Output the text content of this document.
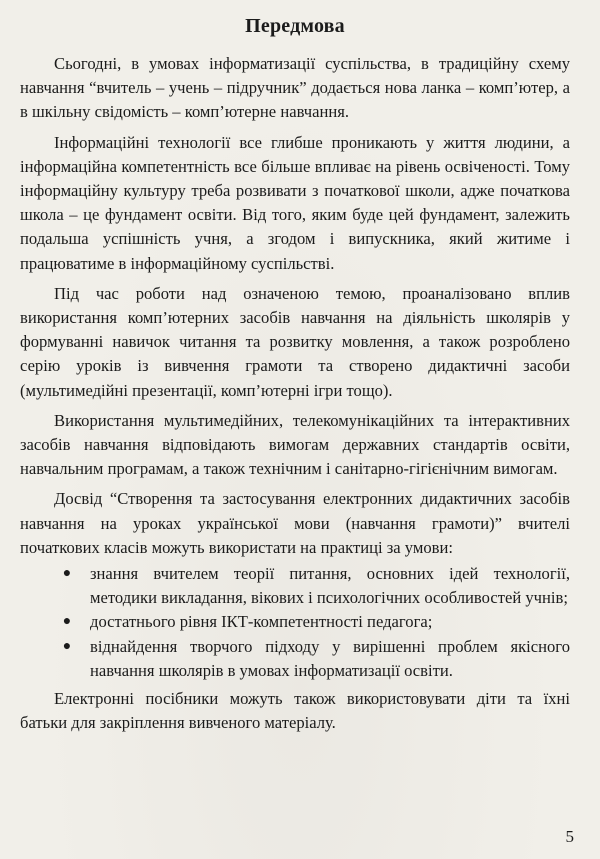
Передмова

Сьогодні, в умовах інформатизації суспільства, в традиційну схему навчання “вчитель – учень – підручник” додається нова ланка – комп’ютер, а в шкільну свідомість – комп’ютерне навчання.

Інформаційні технології все глибше проникають у життя людини, а інформаційна компетентність все більше впливає на рівень освіченості. Тому інформаційну культуру треба розвивати з початкової школи, адже початкова школа – це фундамент освіти. Від того, яким буде цей фундамент, залежить подальша успішність учня, а згодом і випускника, який житиме і працюватиме в інформаційному суспільстві.

Під час роботи над означеною темою, проаналізовано вплив використання комп’ютерних засобів навчання на діяльність школярів у формуванні навичок читання та розвитку мовлення, а також розроблено серію уроків із вивчення грамоти та створено дидактичні засоби (мультимедійні презентації, комп’ютерні ігри тощо).

Використання мультимедійних, телекомунікаційних та інтерактивних засобів навчання відповідають вимогам державних стандартів освіти, навчальним програмам, а також технічним і санітарно-гігієнічним вимогам.

Досвід “Створення та застосування електронних дидактичних засобів навчання на уроках української мови (навчання грамоти)” вчителі початкових класів можуть використати на практиці за умови:

● знання вчителем теорії питання, основних ідей технології, методики викладання, вікових і психологічних особливостей учнів;
● достатнього рівня ІКТ-компетентності педагога;
● віднайдення творчого підходу у вирішенні проблем якісного навчання школярів в умовах інформатизації освіти.

Електронні посібники можуть також використовувати діти та їхні батьки для закріплення вивченого матеріалу.

5
